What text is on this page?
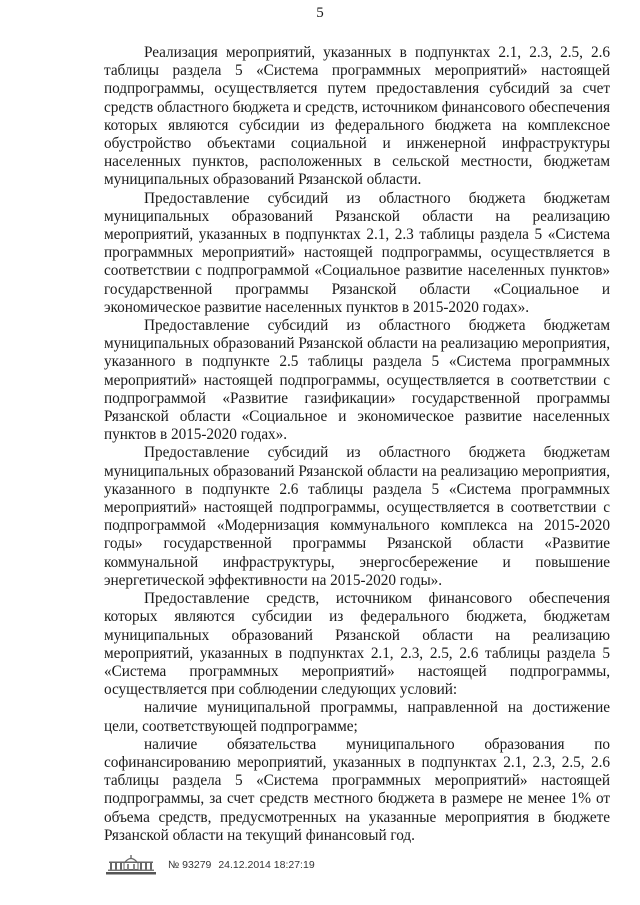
5

Реализация мероприятий, указанных в подпунктах 2.1, 2.3, 2.5, 2.6 таблицы раздела 5 «Система программных мероприятий» настоящей подпрограммы, осуществляется путем предоставления субсидий за счет средств областного бюджета и средств, источником финансового обеспечения которых являются субсидии из федерального бюджета на комплексное обустройство объектами социальной и инженерной инфраструктуры населенных пунктов, расположенных в сельской местности, бюджетам муниципальных образований Рязанской области.

Предоставление субсидий из областного бюджета бюджетам муниципальных образований Рязанской области на реализацию мероприятий, указанных в подпунктах 2.1, 2.3 таблицы раздела 5 «Система программных мероприятий» настоящей подпрограммы, осуществляется в соответствии с подпрограммой «Социальное развитие населенных пунктов» государственной программы Рязанской области «Социальное и экономическое развитие населенных пунктов в 2015-2020 годах».

Предоставление субсидий из областного бюджета бюджетам муниципальных образований Рязанской области на реализацию мероприятия, указанного в подпункте 2.5 таблицы раздела 5 «Система программных мероприятий» настоящей подпрограммы, осуществляется в соответствии с подпрограммой «Развитие газификации» государственной программы Рязанской области «Социальное и экономическое развитие населенных пунктов в 2015-2020 годах».

Предоставление субсидий из областного бюджета бюджетам муниципальных образований Рязанской области на реализацию мероприятия, указанного в подпункте 2.6 таблицы раздела 5 «Система программных мероприятий» настоящей подпрограммы, осуществляется в соответствии с подпрограммой «Модернизация коммунального комплекса на 2015-2020 годы» государственной программы Рязанской области «Развитие коммунальной инфраструктуры, энергосбережение и повышение энергетической эффективности на 2015-2020 годы».

Предоставление средств, источником финансового обеспечения которых являются субсидии из федерального бюджета, бюджетам муниципальных образований Рязанской области на реализацию мероприятий, указанных в подпунктах 2.1, 2.3, 2.5, 2.6 таблицы раздела 5 «Система программных мероприятий» настоящей подпрограммы, осуществляется при соблюдении следующих условий:

наличие муниципальной программы, направленной на достижение цели, соответствующей подпрограмме;

наличие обязательства муниципального образования по софинансированию мероприятий, указанных в подпунктах 2.1, 2.3, 2.5, 2.6 таблицы раздела 5 «Система программных мероприятий» настоящей подпрограммы, за счет средств местного бюджета в размере не менее 1% от объема средств, предусмотренных на указанные мероприятия в бюджете Рязанской области на текущий финансовый год.

№ 93279 24.12.2014 18:27:19
